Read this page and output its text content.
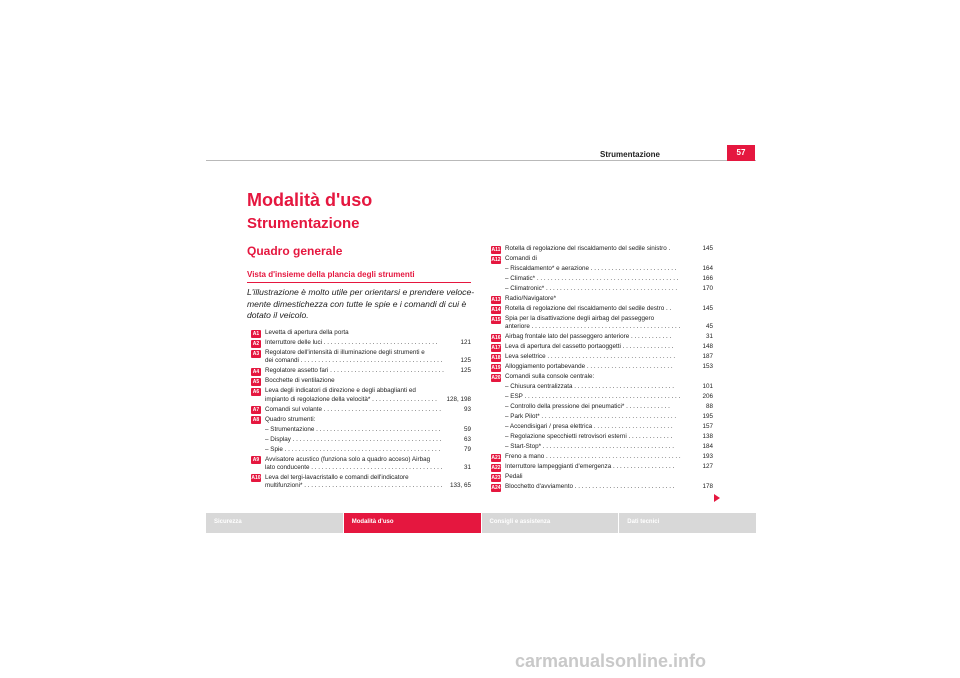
Strumentazione	57
Modalità d'uso
Strumentazione
Quadro generale
Vista d'insieme della plancia degli strumenti
L'illustrazione è molto utile per orientarsi e prendere veloce-
mente dimestichezza con tutte le spie e i comandi di cui è
dotato il veicolo.
A1 Levetta di apertura della porta
A2 Interruttore delle luci . . . . . . . . . . . . . . . . . . . . . . . . . . . . . . . . .	121
A3 Regolatore dell'intensità di illuminazione degli strumenti e
dei comandi . . . . . . . . . . . . . . . . . . . . . . . . . . . . . . . . . . . . . . . . .	125
A4 Regolatore assetto fari . . . . . . . . . . . . . . . . . . . . . . . . . . . . . . . . .	125
A5 Bocchette di ventilazione
A6 Leva degli indicatori di direzione e degli abbaglianti ed
impianto di regolazione della velocità* . . . . . . . . . . . . . . . . . . . 128, 198
A7 Comandi sul volante . . . . . . . . . . . . . . . . . . . . . . . . . . . . . . . . . .	93
A8 Quadro strumenti:
– Strumentazione . . . . . . . . . . . . . . . . . . . . . . . . . . . . . . . . . . . .	59
– Display . . . . . . . . . . . . . . . . . . . . . . . . . . . . . . . . . . . . . . . . . . .	63
– Spie . . . . . . . . . . . . . . . . . . . . . . . . . . . . . . . . . . . . . . . . . . . . .	79
A9 Avvisatore acustico (funziona solo a quadro acceso) Airbag
lato conducente . . . . . . . . . . . . . . . . . . . . . . . . . . . . . . . . . . . . . .	31
A10 Leva del tergi-lavacristallo e comandi dell'indicatore
multifunzioni* . . . . . . . . . . . . . . . . . . . . . . . . . . . . . . . . . . . . . . . . 133, 65
A11 Rotella di regolazione del riscaldamento del sedile sinistro .	145
A12 Comandi di
– Riscaldamento* e aerazione . . . . . . . . . . . . . . . . . . . . . . . . .	164
– Climatic* . . . . . . . . . . . . . . . . . . . . . . . . . . . . . . . . . . . . . . . . .	166
– Climatronic* . . . . . . . . . . . . . . . . . . . . . . . . . . . . . . . . . . . . . .	170
A13 Radio/Navigatore*
A14 Rotella di regolazione del riscaldamento del sedile destro . .	145
A15 Spia per la disattivazione degli airbag del passeggero
anteriore . . . . . . . . . . . . . . . . . . . . . . . . . . . . . . . . . . . . . . . . . . .	45
A16 Airbag frontale lato del passeggero anteriore . . . . . . . . . . . .	31
A17 Leva di apertura del cassetto portaoggetti . . . . . . . . . . . . . . .	148
A18 Leva selettrice . . . . . . . . . . . . . . . . . . . . . . . . . . . . . . . . . . . . .	187
A19 Alloggiamento portabevande . . . . . . . . . . . . . . . . . . . . . . . . .	153
A20 Comandi sulla console centrale:
– Chiusura centralizzata . . . . . . . . . . . . . . . . . . . . . . . . . . . . .	101
– ESP . . . . . . . . . . . . . . . . . . . . . . . . . . . . . . . . . . . . . . . . . . . . .	206
– Controllo della pressione dei pneumatici* . . . . . . . . . . . . .	88
– Park Pilot* . . . . . . . . . . . . . . . . . . . . . . . . . . . . . . . . . . . . . . .	195
– Accendisigari / presa elettrica . . . . . . . . . . . . . . . . . . . . . . .	157
– Regolazione specchietti retrovisori esterni . . . . . . . . . . . . .	138
– Start-Stop* . . . . . . . . . . . . . . . . . . . . . . . . . . . . . . . . . . . . . .	184
A21 Freno a mano . . . . . . . . . . . . . . . . . . . . . . . . . . . . . . . . . . . . . . .	193
A22 Interruttore lampeggianti d'emergenza . . . . . . . . . . . . . . . . . .	127
A23 Pedali
A24 Blocchetto d'avviamento . . . . . . . . . . . . . . . . . . . . . . . . . . . . .	178
Sicurezza	Modalità d'uso	Consigli e assistenza	Dati tecnici
carmanualsonline.info
